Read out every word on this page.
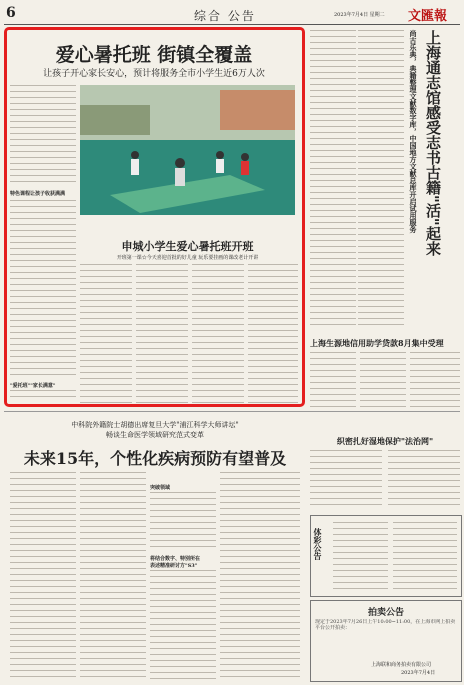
6	综合 公告	2023年7月4日 星期二 文匯報
爱心暑托班 街镇全覆盖
让孩子开心家长安心，预计将服务全市小学生近6万人次
特色课程让孩子收获满满
"爱托班""家长满意"
申城小学生爱心暑托班开班
开班第一课☆今天喜迎首批的好儿童 玩乐要挂画的课改老计开讲
上海通志馆感受志书古籍"活"起来
尚古乐典，典籍整理文献数字库，中国地方文献总库开启试用服务
上海生源地信用助学贷款8月集中受理
中科院外籍院士胡德出席复旦大学"浦江科学大师讲坛"
畅谈生命医学领域研究范式变革
未来15年，个性化疾病预防有望普及
突破领域
将结合数字、特别所在
表述精准研讨方"S3"
织密扎好湿地保护"法治网"
体彩公告
拍卖公告
现定于2023年7月26日上午10:00~11:00，在上海市网上拍卖平台公开拍卖：
上海联和商务拍卖有限公司
2023年7月4日
